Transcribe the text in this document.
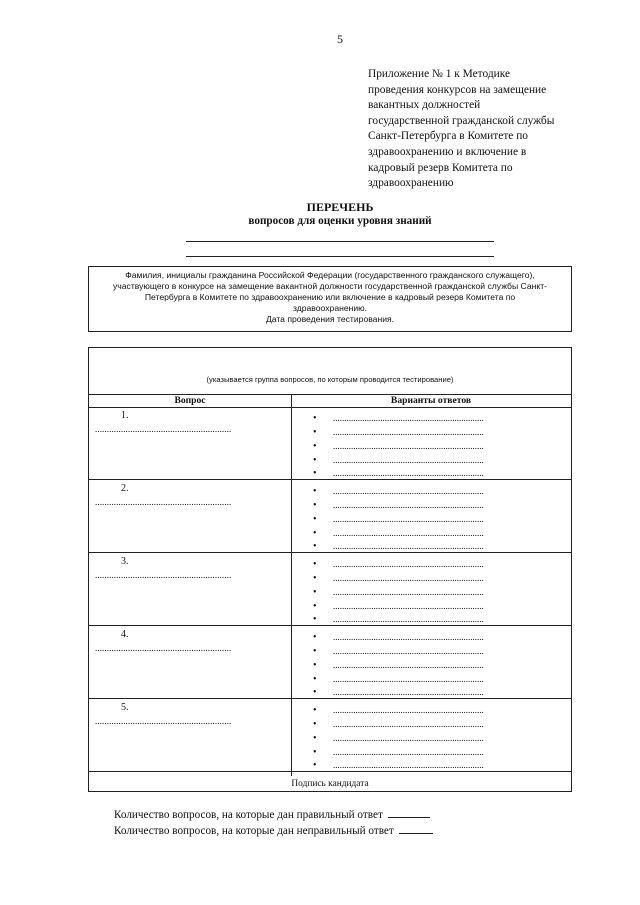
5
Приложение № 1 к Методике
проведения конкурсов на замещение
вакантных должностей
государственной гражданской службы
Санкт-Петербурга в Комитете по
здравоохранению и включение в
кадровый резерв Комитета по
здравоохранению
ПЕРЕЧЕНЬ
вопросов для оценки уровня знаний

Фамилия, инициалы гражданина Российской Федерации (государственного гражданского служащего),

участвующего в конкурсе на замещение вакантной должности государственной гражданской службы Санкт-

Петербурга в Комитете по здравоохранению или включение в кадровый резерв Комитета по

здравоохранению.

Дата проведения тестирования.

(указывается группа вопросов, по которым проводится тестирование)
Вопрос	Варианты ответов
1.
..........................................................
• ...................................................................
• ...................................................................
• ...................................................................
• ...................................................................
• ...................................................................
2.
..........................................................
• ...................................................................
• ...................................................................
• ...................................................................
• ...................................................................
• ...................................................................
3.
..........................................................
• ...................................................................
• ...................................................................
• ...................................................................
• ...................................................................
• ...................................................................
4.
..........................................................
• ...................................................................
• ...................................................................
• ...................................................................
• ...................................................................
• ...................................................................
5.
..........................................................
• ...................................................................
• ...................................................................
• ...................................................................
• ...................................................................
• ...................................................................
Подпись кандидата
Количество вопросов, на которые дан правильный ответ
Количество вопросов, на которые дан неправильный ответ
